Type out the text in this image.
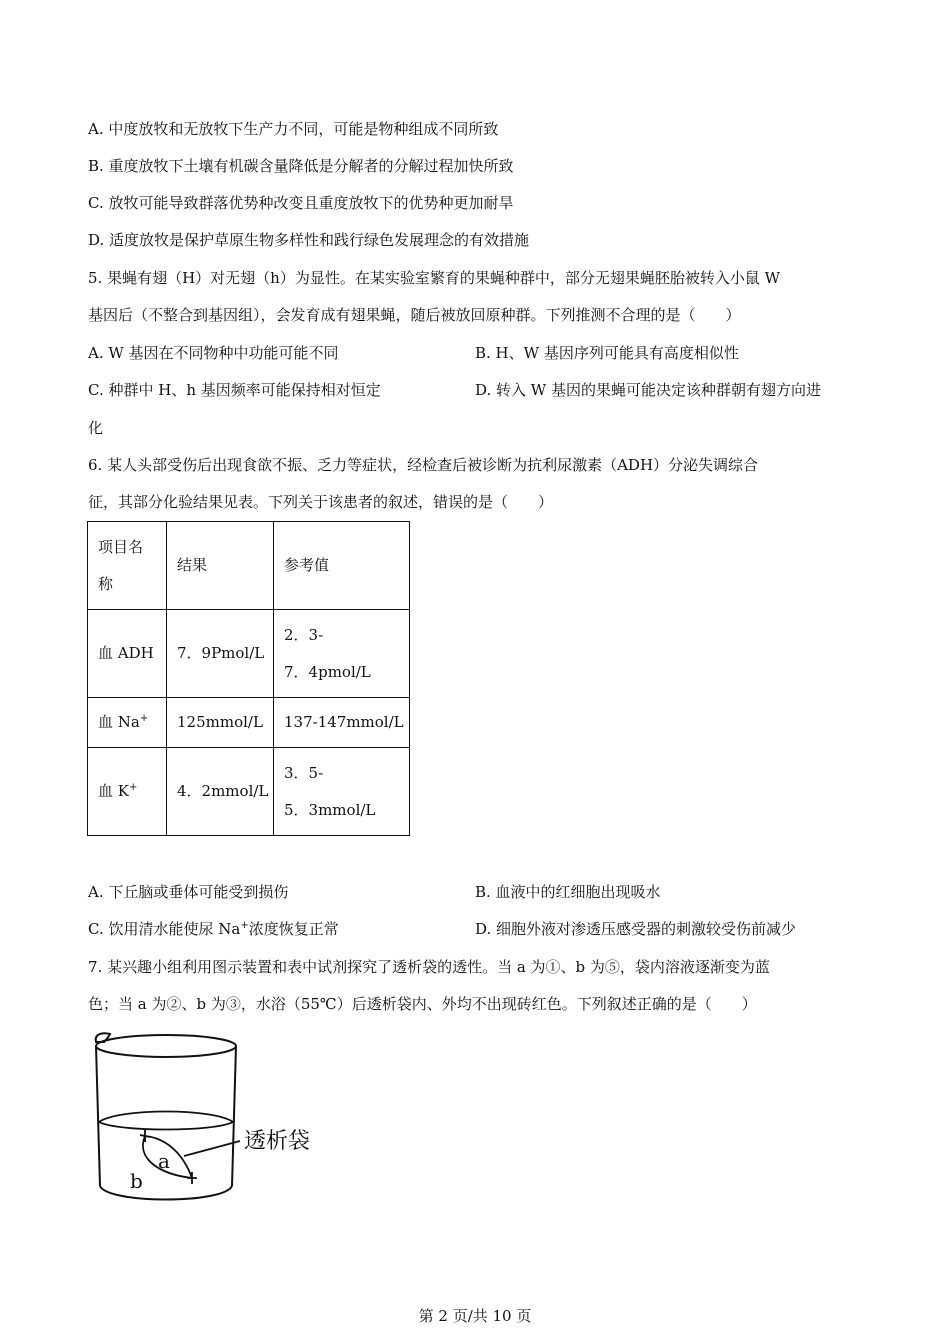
A. 中度放牧和无放牧下生产力不同，可能是物种组成不同所致
B. 重度放牧下土壤有机碳含量降低是分解者的分解过程加快所致
C. 放牧可能导致群落优势种改变且重度放牧下的优势种更加耐旱
D. 适度放牧是保护草原生物多样性和践行绿色发展理念的有效措施
5. 果蝇有翅（H）对无翅（h）为显性。在某实验室繁育的果蝇种群中，部分无翅果蝇胚胎被转入小鼠 W
基因后（不整合到基因组），会发育成有翅果蝇，随后被放回原种群。下列推测不合理的是（　　）
A. W 基因在不同物种中功能可能不同	B. H、W 基因序列可能具有高度相似性
C. 种群中 H、h 基因频率可能保持相对恒定	D. 转入 W 基因的果蝇可能决定该种群朝有翅方向进
化
6. 某人头部受伤后出现食欲不振、乏力等症状，经检查后被诊断为抗利尿激素（ADH）分泌失调综合
征，其部分化验结果见表。下列关于该患者的叙述，错误的是（　　）
项目名
称	结果	参考值
血 ADH	7．9Pmol/L	2．3-
7．4pmol/L
血 Na+	125mmol/L	137-147mmol/L
血 K+	4．2mmol/L	3．5-
5．3mmol/L
A. 下丘脑或垂体可能受到损伤	B. 血液中的红细胞出现吸水
C. 饮用清水能使尿 Na+浓度恢复正常	D. 细胞外液对渗透压感受器的刺激较受伤前减少
7. 某兴趣小组利用图示装置和表中试剂探究了透析袋的透性。当 a 为①、b 为⑤，袋内溶液逐渐变为蓝
色；当 a 为②、b 为③，水浴（55℃）后透析袋内、外均不出现砖红色。下列叙述正确的是（　　）
透析袋
a
b
第 2 页/共 10 页
